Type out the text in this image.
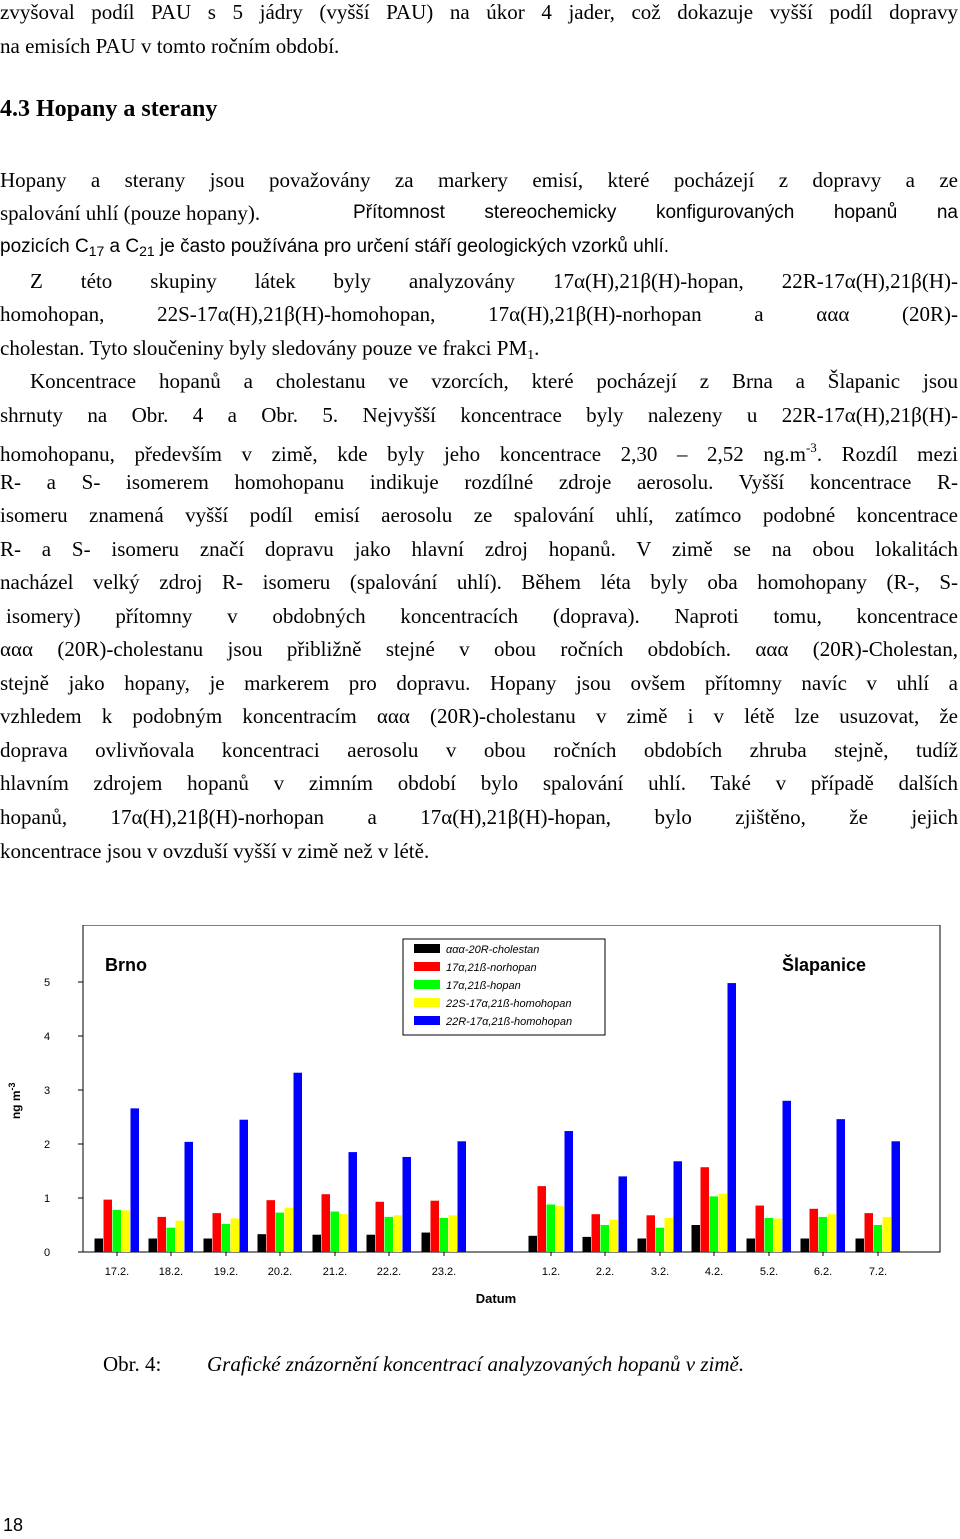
zvyšoval podíl PAU s 5 jádry (vyšší PAU) na úkor 4 jader, což dokazuje vyšší podíl dopravy
na emisích PAU v tomto ročním období.
4.3 Hopany a sterany
Hopany a sterany jsou považovány za markery emisí, které pocházejí z dopravy a ze
spalování uhlí (pouze hopany).	Přítomnost stereochemicky konfigurovaných hopanů na
pozicích $C_{17}$ a $C_{21}$ je často používána pro určení stáří geologických vzorků uhlí.
Z této skupiny látek byly analyzovány 17α(H),21β(H)-hopan, 22R-17α(H),21β(H)-
homohopan, 22S-17α(H),21β(H)-homohopan, 17α(H),21β(H)-norhopan a ααα (20R)-
cholestan. Tyto sloučeniny byly sledovány pouze ve frakci $PM_1$.
Koncentrace hopanů a cholestanu ve vzorcích, které pocházejí z Brna a Šlapanic jsou
shrnuty na Obr. 4 a Obr. 5. Nejvyšší koncentrace byly nalezeny u 22R-17α(H),21β(H)-
homohopanu, především v zimě, kde byly jeho koncentrace 2,30 – 2,52 $ng.m^{-3}$. Rozdíl mezi
R- a S- isomerem homohopanu indikuje rozdílné zdroje aerosolu. Vyšší koncentrace R-
isomeru znamená vyšší podíl emisí aerosolu ze spalování uhlí, zatímco podobné koncentrace
R- a S- isomeru značí dopravu jako hlavní zdroj hopanů. V zimě se na obou lokalitách
nacházel velký zdroj R- isomeru (spalování uhlí). Během léta byly oba homohopany (R-, S-
isomery) přítomny v obdobných koncentracích (doprava). Naproti tomu, koncentrace
ααα (20R)-cholestanu jsou přibližně stejné v obou ročních obdobích. ααα (20R)-Cholestan,
stejně jako hopany, je markerem pro dopravu. Hopany jsou ovšem přítomny navíc v uhlí a
vzhledem k podobným koncentracím ααα (20R)-cholestanu v zimě i v létě lze usuzovat, že
doprava ovlivňovala koncentraci aerosolu v obou ročních obdobích zhruba stejně, tudíž
hlavním zdrojem hopanů v zimním období bylo spalování uhlí. Také v případě dalších
hopanů, 17α(H),21β(H)-norhopan a 17α(H),21β(H)-hopan, bylo zjištěno, že jejich
koncentrace jsou v ovzduší vyšší v zimě než v létě.
0
1
2
3
4
5
ng $m^{-3}$
17.2.	18.2.	19.2.	20.2.	21.2.	22.2.	23.2.	1.2.	2.2.	3.2.	4.2.	5.2.	6.2.	7.2.
Datum
Brno	Šlapanice
ααα-20R-cholestan
17α,21ß-norhopan
17α,21ß-hopan
22S-17α,21ß-homohopan
22R-17α,21ß-homohopan
Obr. 4: Grafické znázornění koncentrací analyzovaných hopanů v zimě.
18
